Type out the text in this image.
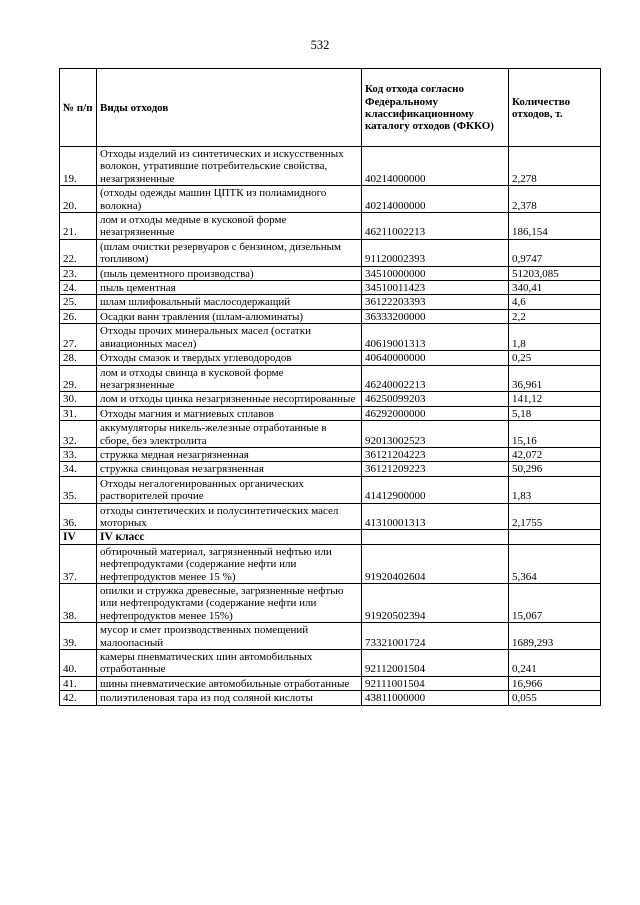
532
№ п/п	Виды отходов	Код отхода согласно Федеральному классификационному каталогу отходов (ФККО)	Количество отходов, т.
19.	Отходы изделий из синтетических и искусственных волокон, утратившие потребительские свойства, незагрязненные	40214000000	2,278
20.	(отходы одежды машин ЦПТК из полиамидного волокна)	40214000000	2,378
21.	лом и отходы медные в кусковой форме незагрязненные	46211002213	186,154
22.	(шлам очистки резервуаров с бензином, дизельным топливом)	91120002393	0,9747
23.	(пыль цементного производства)	34510000000	51203,085
24.	пыль цементная	34510011423	340,41
25.	шлам шлифовальный маслосодержащий	36122203393	4,6
26.	Осадки ванн травления (шлам-алюминаты)	36333200000	2,2
27.	Отходы прочих минеральных масел (остатки авиационных масел)	40619001313	1,8
28.	Отходы смазок и твердых углеводородов	40640000000	0,25
29.	лом и отходы свинца в кусковой форме незагрязненные	46240002213	36,961
30.	лом и отходы цинка незагрязненные несортированные	46250099203	141,12
31.	Отходы магния и магниевых сплавов	46292000000	5,18
32.	аккумуляторы никель-железные отработанные в сборе, без электролита	92013002523	15,16
33.	стружка медная незагрязненная	36121204223	42,072
34.	стружка свинцовая незагрязненная	36121209223	50,296
35.	Отходы негалогенированных органических растворителей прочие	41412900000	1,83
36.	отходы синтетических и полусинтетических масел моторных	41310001313	2,1755
IV	IV класс		
37.	обтирочный материал, загрязненный нефтью или нефтепродуктами (содержание нефти или нефтепродуктов менее 15 %)	91920402604	5,364
38.	опилки и стружка древесные, загрязненные нефтью или нефтепродуктами (содержание нефти или нефтепродуктов менее 15%)	91920502394	15,067
39.	мусор и смет производственных помещений малоопасный	73321001724	1689,293
40.	камеры пневматических шин автомобильных отработанные	92112001504	0,241
41.	шины пневматические автомобильные отработанные	92111001504	16,966
42.	полиэтиленовая тара из под соляной кислоты	43811000000	0,055
